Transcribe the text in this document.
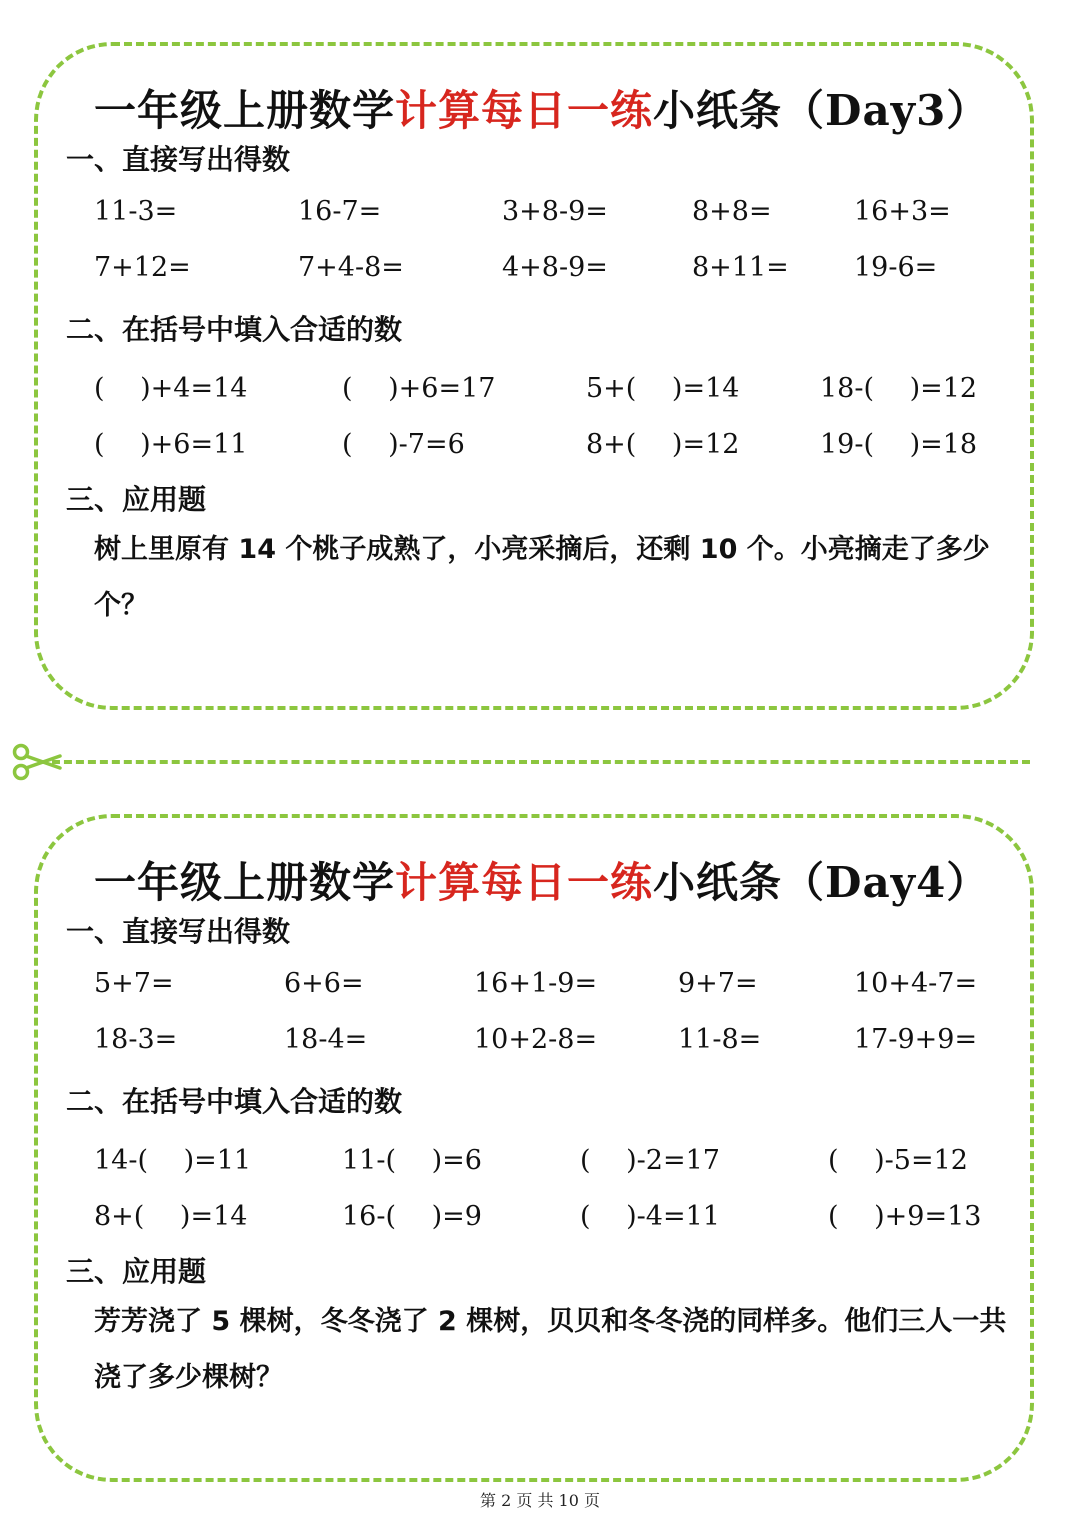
一年级上册数学计算每日一练小纸条（Day3）
一、直接写出得数
11-3=	16-7=	3+8-9=	8+8=	16+3=
7+12=	7+4-8=	4+8-9=	8+11= 19-6=
二、在括号中填入合适的数
(　 )+4=14	(　 )+6=17	5+(　 )=14	18-(　 )=12
(　 )+6=11	(　 )-7=6	8+(　 )=12	19-(　 )=18
三、应用题
树上里原有 14 个桃子成熟了，小亮采摘后，还剩 10 个。小亮摘走了多少个？
一年级上册数学计算每日一练小纸条（Day4）
一、直接写出得数
5+7=	6+6=	16+1-9=	9+7=	10+4-7=
18-3=	18-4=	10+2-8=	11-8=	17-9+9=
二、在括号中填入合适的数
14-(　 )=11	11-(　 )=6	(　 )-2=17	(　 )-5=12
8+(　 )=14	16-(　 )=9	(　 )-4=11	(　 )+9=13
三、应用题
芳芳浇了 5 棵树，冬冬浇了 2 棵树，贝贝和冬冬浇的同样多。他们三人一共浇了多少棵树？
第 2 页 共 10 页
